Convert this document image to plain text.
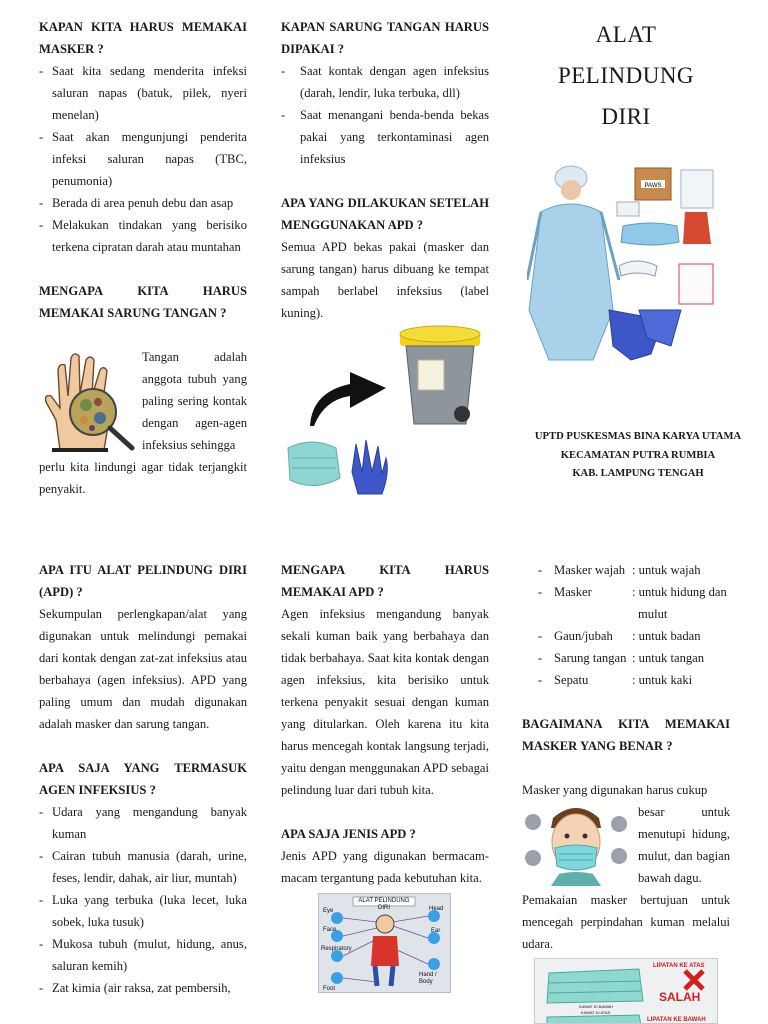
KAPAN KITA HARUS MEMAKAI MASKER ?
- Saat kita sedang menderita infeksi saluran napas (batuk, pilek, nyeri menelan)
- Saat akan mengunjungi penderita infeksi saluran napas (TBC, penumonia)
- Berada di area penuh debu dan asap
- Melakukan tindakan yang berisiko terkena cipratan darah atau muntahan
MENGAPA KITA HARUS MEMAKAI SARUNG TANGAN ?
Tangan adalah anggota tubuh yang paling sering kontak dengan agen-agen infeksius sehingga
perlu kita lindungi agar tidak terjangkit penyakit.
KAPAN SARUNG TANGAN HARUS DIPAKAI ?
- Saat kontak dengan agen infeksius (darah, lendir, luka terbuka, dll)
- Saat menangani benda-benda bekas pakai yang terkontaminasi agen infeksius
APA YANG DILAKUKAN SETELAH MENGGUNAKAN APD ?
Semua APD bekas pakai (masker dan sarung tangan) harus dibuang ke tempat sampah berlabel infeksius (label kuning).
ALAT
PELINDUNG
DIRI
PAWS
UPTD PUSKESMAS BINA KARYA UTAMA
KECAMATAN PUTRA RUMBIA
KAB. LAMPUNG TENGAH
APA ITU ALAT PELINDUNG DIRI (APD) ?
Sekumpulan perlengkapan/alat yang digunakan untuk melindungi pemakai dari kontak dengan zat-zat infeksius atau berbahaya (agen infeksius). APD yang paling umum dan mudah digunakan adalah masker dan sarung tangan.
APA SAJA YANG TERMASUK AGEN INFEKSIUS ?
- Udara yang mengandung banyak kuman
- Cairan tubuh manusia (darah, urine, feses, lendir, dahak, air liur, muntah)
- Luka yang terbuka (luka lecet, luka sobek, luka tusuk)
- Mukosa tubuh (mulut, hidung, anus, saluran kemih)
- Zat kimia (air raksa, zat pembersih,
MENGAPA KITA HARUS MEMAKAI APD ?
Agen infeksius mengandung banyak sekali kuman baik yang berbahaya dan tidak berbahaya. Saat kita kontak dengan agen infeksius, kita berisiko untuk terkena penyakit sesuai dengan kuman yang ditularkan. Oleh karena itu kita harus mencegah kontak langsung terjadi, yaitu dengan menggunakan APD sebagai pelindung luar dari tubuh kita.
APA SAJA JENIS APD ?
Jenis APD yang digunakan bermacam-macam tergantung pada kebutuhan kita.
ALAT PELINDUNG DIRI
Eye
Face
Respiratory
Foot
Head
Ear
Hand / Body
-	Masker wajah	: untuk wajah
-	Masker	: untuk hidung dan mulut
-	Gaun/jubah	: untuk badan
-	Sarung tangan	: untuk tangan
-	Sepatu	: untuk kaki
BAGAIMANA KITA MEMAKAI MASKER YANG BENAR ?
Masker yang digunakan harus cukup
besar untuk menutupi hidung, mulut, dan bagian bawah dagu.
Pemakaian masker bertujuan untuk mencegah perpindahan kuman melalui udara.
LIPATAN KE ATAS
SALAH
KAWAT DI BAWAH
KAWAT DI ATAS
LIPATAN KE BAWAH
